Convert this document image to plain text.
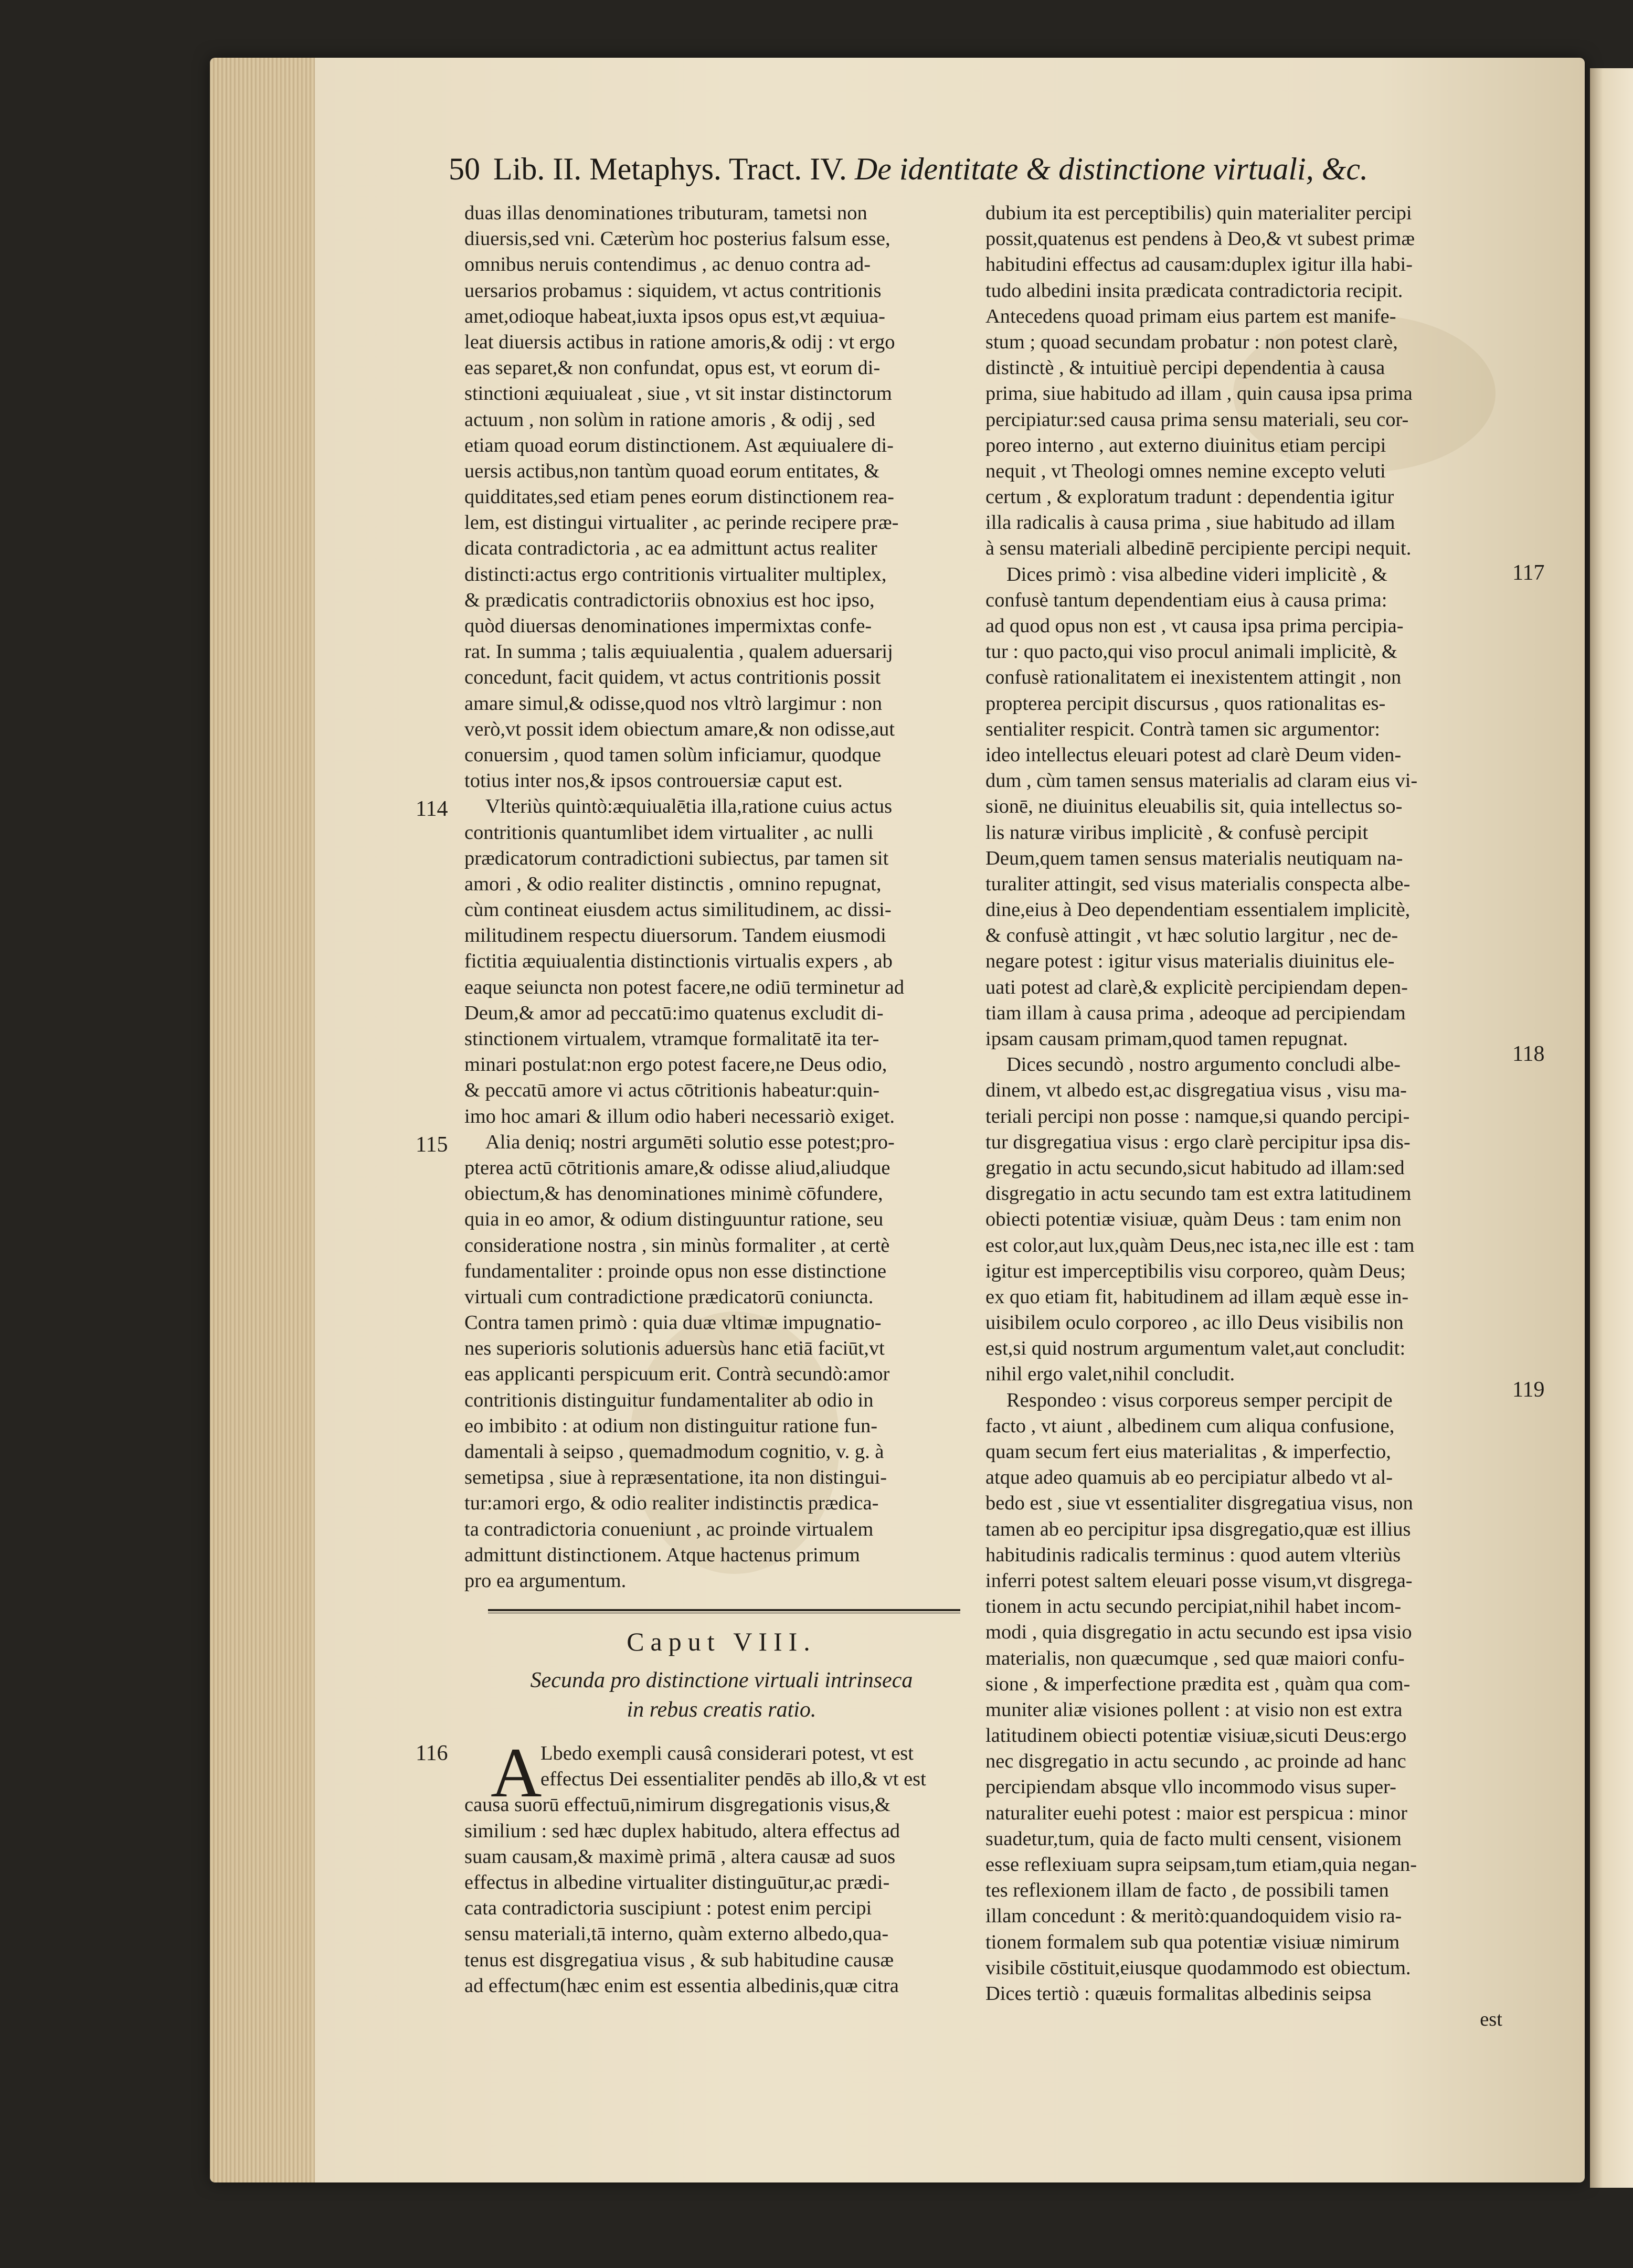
50 Lib. II. Metaphys. Tract. IV. De identitate & distinctione virtuali, &c.
duas illas denominationes tributuram, tametsi non
diuersis,sed vni. Cæterùm hoc posterius falsum esse,
omnibus neruis contendimus , ac denuo contra ad-
uersarios probamus : siquidem, vt actus contritionis
amet,odioque habeat,iuxta ipsos opus est,vt æquiua-
leat diuersis actibus in ratione amoris,& odij : vt ergo
eas separet,& non confundat, opus est, vt eorum di-
stinctioni æquiualeat , siue , vt sit instar distinctorum
actuum , non solùm in ratione amoris , & odij , sed
etiam quoad eorum distinctionem. Ast æquiualere di-
uersis actibus,non tantùm quoad eorum entitates, &
quidditates,sed etiam penes eorum distinctionem rea-
lem, est distingui virtualiter , ac perinde recipere præ-
dicata contradictoria , ac ea admittunt actus realiter
distincti:actus ergo contritionis virtualiter multiplex,
& prædicatis contradictoriis obnoxius est hoc ipso,
quòd diuersas denominationes impermixtas confe-
rat. In summa ; talis æquiualentia , qualem aduersarij
concedunt, facit quidem, vt actus contritionis possit
amare simul,& odisse,quod nos vltrò largimur : non
verò,vt possit idem obiectum amare,& non odisse,aut
conuersim , quod tamen solùm inficiamur, quodque
totius inter nos,& ipsos controuersiæ caput est.
Vlteriùs quintò:æquiualētia illa,ratione cuius actus
contritionis quantumlibet idem virtualiter , ac nulli
prædicatorum contradictioni subiectus, par tamen sit
amori , & odio realiter distinctis , omnino repugnat,
cùm contineat eiusdem actus similitudinem, ac dissi-
militudinem respectu diuersorum. Tandem eiusmodi
fictitia æquiualentia distinctionis virtualis expers , ab
eaque seiuncta non potest facere,ne odiū terminetur ad
Deum,& amor ad peccatū:imo quatenus excludit di-
stinctionem virtualem, vtramque formalitatē ita ter-
minari postulat:non ergo potest facere,ne Deus odio,
& peccatū amore vi actus cōtritionis habeatur:quin-
imo hoc amari & illum odio haberi necessariò exiget.
Alia deniq; nostri argumēti solutio esse potest;pro-
pterea actū cōtritionis amare,& odisse aliud,aliudque
obiectum,& has denominationes minimè cōfundere,
quia in eo amor, & odium distinguuntur ratione, seu
consideratione nostra , sin minùs formaliter , at certè
fundamentaliter : proinde opus non esse distinctione
virtuali cum contradictione prædicatorū coniuncta.
Contra tamen primò : quia duæ vltimæ impugnatio-
nes superioris solutionis aduersùs hanc etiā faciūt,vt
eas applicanti perspicuum erit. Contrà secundò:amor
contritionis distinguitur fundamentaliter ab odio in
eo imbibito : at odium non distinguitur ratione fun-
damentali à seipso , quemadmodum cognitio, v. g. à
semetipsa , siue à repræsentatione, ita non distingui-
tur:amori ergo, & odio realiter indistinctis prædica-
ta contradictoria conueniunt , ac proinde virtualem
admittunt distinctionem. Atque hactenus primum
pro ea argumentum.
Caput VIII.
Secunda pro distinctione virtuali intrinseca
in rebus creatis ratio.
A
Lbedo exempli causâ considerari potest, vt est
effectus Dei essentialiter pendēs ab illo,& vt est
causa suorū effectuū,nimirum disgregationis visus,&
similium : sed hæc duplex habitudo, altera effectus ad
suam causam,& maximè primā , altera causæ ad suos
effectus in albedine virtualiter distinguūtur,ac prædi-
cata contradictoria suscipiunt : potest enim percipi
sensu materiali,tā interno, quàm externo albedo,qua-
tenus est disgregatiua visus , & sub habitudine causæ
ad effectum(hæc enim est essentia albedinis,quæ citra
dubium ita est perceptibilis) quin materialiter percipi
possit,quatenus est pendens à Deo,& vt subest primæ
habitudini effectus ad causam:duplex igitur illa habi-
tudo albedini insita prædicata contradictoria recipit.
Antecedens quoad primam eius partem est manife-
stum ; quoad secundam probatur : non potest clarè,
distinctè , & intuitiuè percipi dependentia à causa
prima, siue habitudo ad illam , quin causa ipsa prima
percipiatur:sed causa prima sensu materiali, seu cor-
poreo interno , aut externo diuinitus etiam percipi
nequit , vt Theologi omnes nemine excepto veluti
certum , & exploratum tradunt : dependentia igitur
illa radicalis à causa prima , siue habitudo ad illam
à sensu materiali albedinē percipiente percipi nequit.
Dices primò : visa albedine videri implicitè , &
confusè tantum dependentiam eius à causa prima:
ad quod opus non est , vt causa ipsa prima percipia-
tur : quo pacto,qui viso procul animali implicitè, &
confusè rationalitatem ei inexistentem attingit , non
propterea percipit discursus , quos rationalitas es-
sentialiter respicit. Contrà tamen sic argumentor:
ideo intellectus eleuari potest ad clarè Deum viden-
dum , cùm tamen sensus materialis ad claram eius vi-
sionē, ne diuinitus eleuabilis sit, quia intellectus so-
lis naturæ viribus implicitè , & confusè percipit
Deum,quem tamen sensus materialis neutiquam na-
turaliter attingit, sed visus materialis conspecta albe-
dine,eius à Deo dependentiam essentialem implicitè,
& confusè attingit , vt hæc solutio largitur , nec de-
negare potest : igitur visus materialis diuinitus ele-
uati potest ad clarè,& explicitè percipiendam depen-
tiam illam à causa prima , adeoque ad percipiendam
ipsam causam primam,quod tamen repugnat.
Dices secundò , nostro argumento concludi albe-
dinem, vt albedo est,ac disgregatiua visus , visu ma-
teriali percipi non posse : namque,si quando percipi-
tur disgregatiua visus : ergo clarè percipitur ipsa dis-
gregatio in actu secundo,sicut habitudo ad illam:sed
disgregatio in actu secundo tam est extra latitudinem
obiecti potentiæ visiuæ, quàm Deus : tam enim non
est color,aut lux,quàm Deus,nec ista,nec ille est : tam
igitur est imperceptibilis visu corporeo, quàm Deus;
ex quo etiam fit, habitudinem ad illam æquè esse in-
uisibilem oculo corporeo , ac illo Deus visibilis non
est,si quid nostrum argumentum valet,aut concludit:
nihil ergo valet,nihil concludit.
Respondeo : visus corporeus semper percipit de
facto , vt aiunt , albedinem cum aliqua confusione,
quam secum fert eius materialitas , & imperfectio,
atque adeo quamuis ab eo percipiatur albedo vt al-
bedo est , siue vt essentialiter disgregatiua visus, non
tamen ab eo percipitur ipsa disgregatio,quæ est illius
habitudinis radicalis terminus : quod autem vlteriùs
inferri potest saltem eleuari posse visum,vt disgrega-
tionem in actu secundo percipiat,nihil habet incom-
modi , quia disgregatio in actu secundo est ipsa visio
materialis, non quæcumque , sed quæ maiori confu-
sione , & imperfectione prædita est , quàm qua com-
muniter aliæ visiones pollent : at visio non est extra
latitudinem obiecti potentiæ visiuæ,sicuti Deus:ergo
nec disgregatio in actu secundo , ac proinde ad hanc
percipiendam absque vllo incommodo visus super-
naturaliter euehi potest : maior est perspicua : minor
suadetur,tum, quia de facto multi censent, visionem
esse reflexiuam supra seipsam,tum etiam,quia negan-
tes reflexionem illam de facto , de possibili tamen
illam concedunt : & meritò:quandoquidem visio ra-
tionem formalem sub qua potentiæ visiuæ nimirum
visibile cōstituit,eiusque quodammodo est obiectum.
Dices tertiò : quæuis formalitas albedinis seipsa
est
114
115
116
117
118
119
